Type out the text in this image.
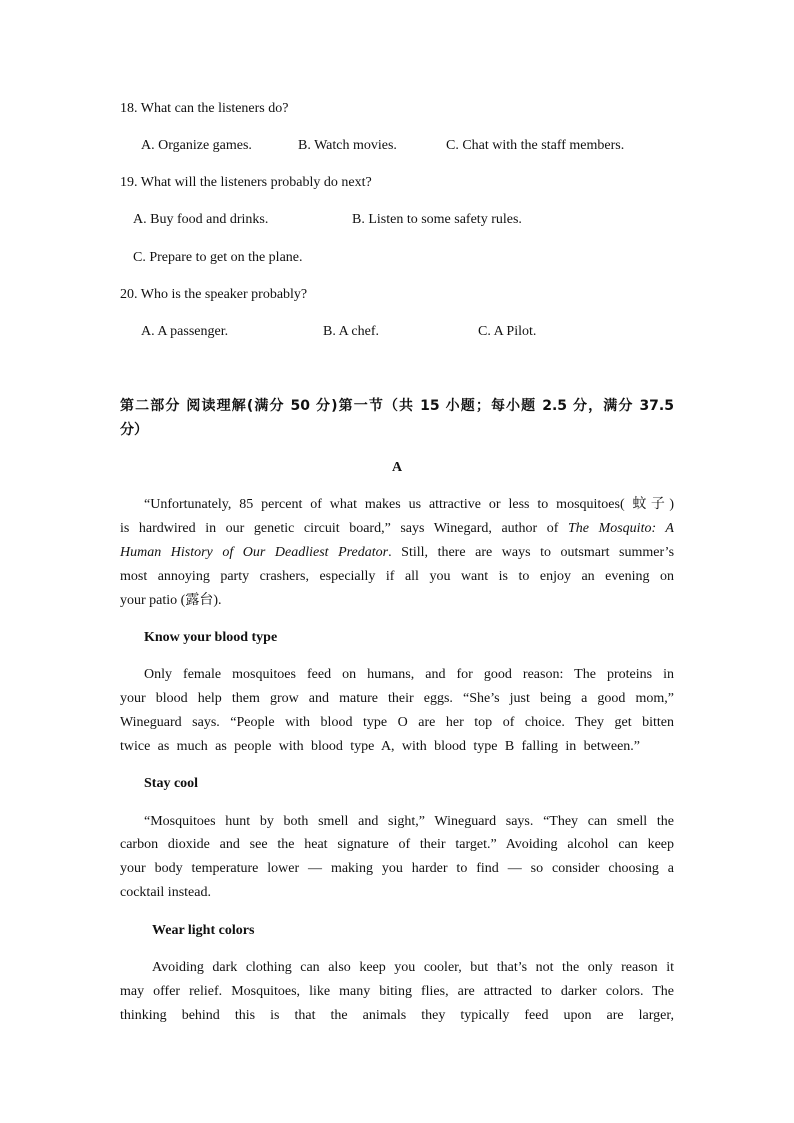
18. What can the listeners do?
A. Organize games.	B. Watch movies.	C. Chat with the staff members.
19. What will the listeners probably do next?
A. Buy food and drinks.	B. Listen to some safety rules.
C. Prepare to get on the plane.
20. Who is the speaker probably?
A. A passenger.	B. A chef.	C. A Pilot.
第二部分 阅读理解(满分 50 分)第一节（共 15 小题；每小题 2.5 分，满分 37.5
分）
A
“Unfortunately, 85 percent of what makes us attractive or less to mosquitoes( 蚊子)
is hardwired in our genetic circuit board,” says Winegard, author of The Mosquito: A
Human History of Our Deadliest Predator. Still, there are ways to outsmart summer’s
most annoying party crashers, especially if all you want is to enjoy an evening on
your patio (露台).
Know your blood type
Only female mosquitoes feed on humans, and for good reason: The proteins in
your blood help them grow and mature their eggs. “She’s just being a good mom,”
Wineguard says. “People with blood type O are her top of choice. They get bitten
twice as much as people with blood type A, with blood type B falling in between.”
Stay cool
“Mosquitoes hunt by both smell and sight,” Wineguard says. “They can smell the
carbon dioxide and see the heat signature of their target.” Avoiding alcohol can keep
your body temperature lower — making you harder to find — so consider choosing a
cocktail instead.
Wear light colors
Avoiding dark clothing can also keep you cooler, but that’s not the only reason it
may offer relief. Mosquitoes, like many biting flies, are attracted to darker colors. The
thinking behind this is that the animals they typically feed upon are larger,
